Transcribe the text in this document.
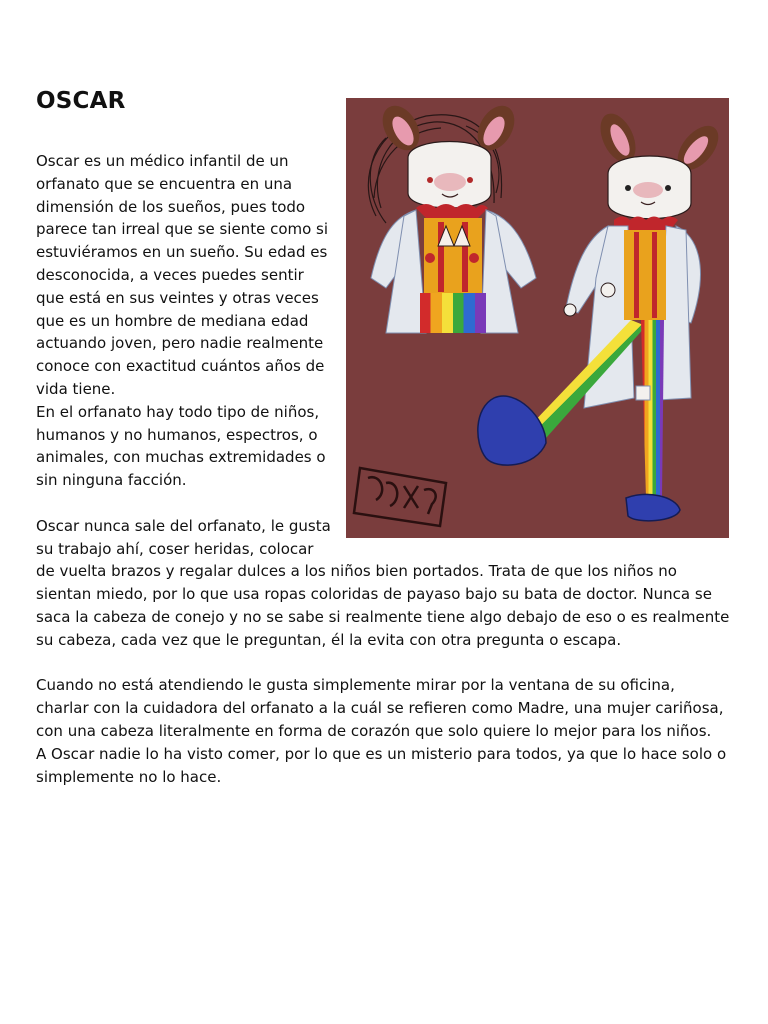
OSCAR

Oscar es un médico infantil de un orfanato que se encuentra en una dimensión de los sueños, pues todo parece tan irreal que se siente como si estuviéramos en un sueño. Su edad es desconocida, a veces puedes sentir que está en sus veintes y otras veces que es un hombre de mediana edad actuando joven, pero nadie realmente conoce con exactitud cuántos años de vida tiene.
En el orfanato hay todo tipo de niños, humanos y no humanos, espectros, o animales, con muchas extremidades o sin ninguna facción.

Oscar nunca sale del orfanato, le gusta su trabajo ahí, coser heridas, colocar de vuelta brazos y regalar dulces a los niños bien portados. Trata de que los niños no sientan miedo, por lo que usa ropas coloridas de payaso bajo su bata de doctor. Nunca se saca la cabeza de conejo y no se sabe si realmente tiene algo debajo de eso o es realmente su cabeza, cada vez que le preguntan, él la evita con otra pregunta o escapa.

Cuando no está atendiendo le gusta simplemente mirar por la ventana de su oficina, charlar con la cuidadora del orfanato a la cuál se refieren como Madre, una mujer cariñosa, con una cabeza literalmente en forma de corazón que solo quiere lo mejor para los niños.
A Oscar nadie lo ha visto comer, por lo que es un misterio para todos, ya que lo hace solo o simplemente no lo hace.
